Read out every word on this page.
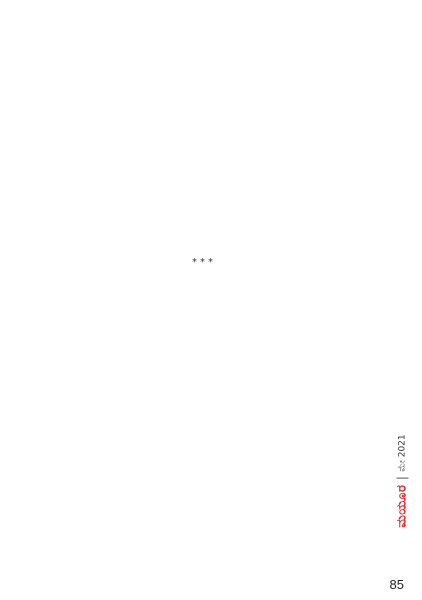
***

ಮಯೂರ
ಮೇ 2021
85
